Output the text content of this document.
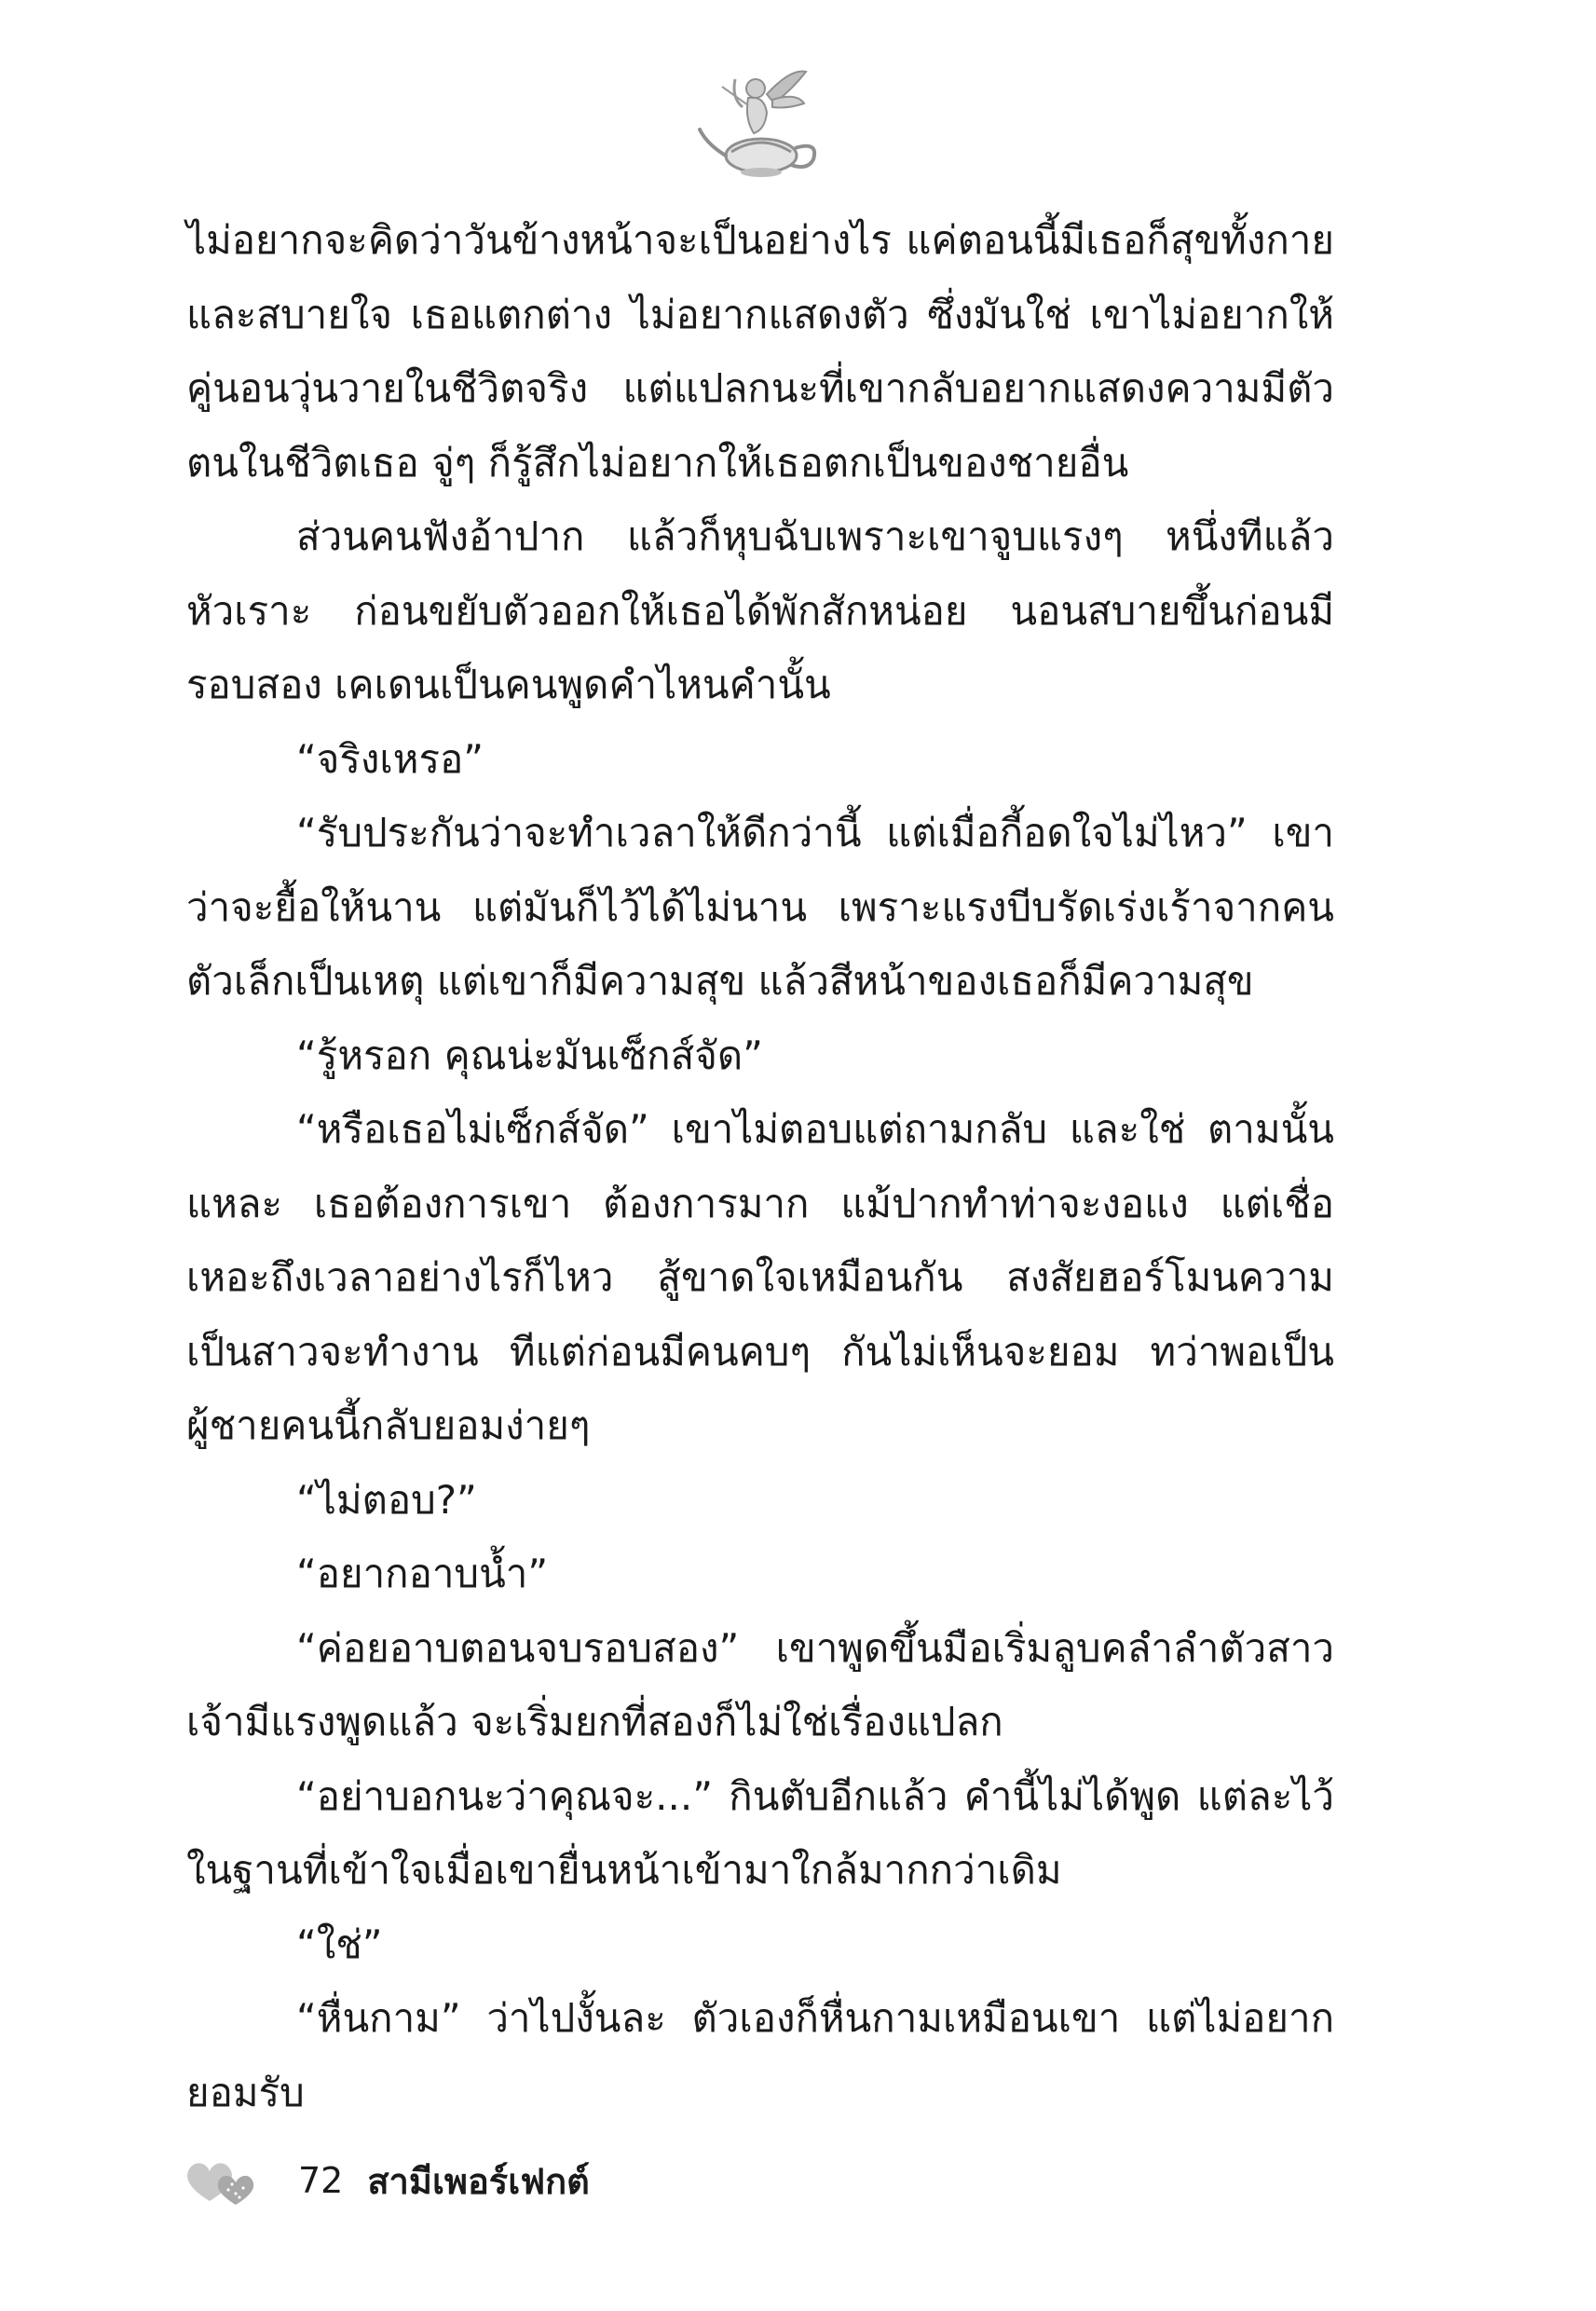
ไม่อยากจะคิดว่าวันข้างหน้าจะเป็นอย่างไร แค่ตอนนี้มีเธอก็สุขทั้งกายและสบายใจ เธอแตกต่าง ไม่อยากแสดงตัว ซึ่งมันใช่ เขาไม่อยากให้คู่นอนวุ่นวายในชีวิตจริง แต่แปลกนะที่เขากลับอยากแสดงความมีตัวตนในชีวิตเธอ จู่ๆ ก็รู้สึกไม่อยากให้เธอตกเป็นของชายอื่น

ส่วนคนฟังอ้าปาก แล้วก็หุบฉับเพราะเขาจูบแรงๆ หนึ่งทีแล้วหัวเราะ ก่อนขยับตัวออกให้เธอได้พักสักหน่อย นอนสบายขึ้นก่อนมีรอบสอง เคเดนเป็นคนพูดคำไหนคำนั้น

“จริงเหรอ”

“รับประกันว่าจะทำเวลาให้ดีกว่านี้ แต่เมื่อกี้อดใจไม่ไหว” เขาว่าจะยื้อให้นาน แต่มันก็ไว้ได้ไม่นาน เพราะแรงบีบรัดเร่งเร้าจากคนตัวเล็กเป็นเหตุ แต่เขาก็มีความสุข แล้วสีหน้าของเธอก็มีความสุข

“รู้หรอก คุณน่ะมันเซ็กส์จัด”

“หรือเธอไม่เซ็กส์จัด” เขาไม่ตอบแต่ถามกลับ และใช่ ตามนั้นแหละ เธอต้องการเขา ต้องการมาก แม้ปากทำท่าจะงอแง แต่เชื่อเหอะถึงเวลาอย่างไรก็ไหว สู้ขาดใจเหมือนกัน สงสัยฮอร์โมนความเป็นสาวจะทำงาน ทีแต่ก่อนมีคนคบๆ กันไม่เห็นจะยอม ทว่าพอเป็นผู้ชายคนนี้กลับยอมง่ายๆ

“ไม่ตอบ?”

“อยากอาบน้ำ”

“ค่อยอาบตอนจบรอบสอง” เขาพูดขึ้นมือเริ่มลูบคลำลำตัวสาวเจ้ามีแรงพูดแล้ว จะเริ่มยกที่สองก็ไม่ใช่เรื่องแปลก

“อย่าบอกนะว่าคุณจะ...” กินตับอีกแล้ว คำนี้ไม่ได้พูด แต่ละไว้ในฐานที่เข้าใจเมื่อเขายื่นหน้าเข้ามาใกล้มากกว่าเดิม

“ใช่”

“หื่นกาม” ว่าไปงั้นละ ตัวเองก็หื่นกามเหมือนเขา แต่ไม่อยากยอมรับ

72 สามีเพอร์เฟกต์
